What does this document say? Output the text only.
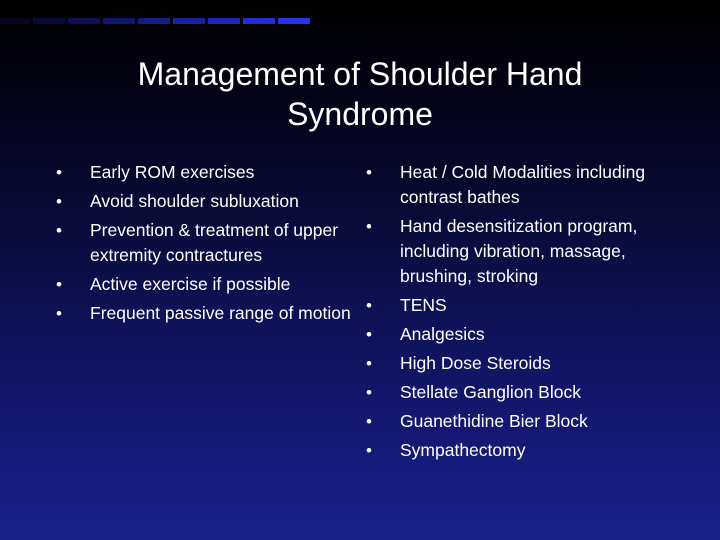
Management of Shoulder Hand
Syndrome
• Early ROM exercises
• Avoid shoulder subluxation
• Prevention & treatment of upper extremity contractures
• Active exercise if possible
• Frequent passive range of motion
• Heat / Cold Modalities including contrast bathes
• Hand desensitization program, including vibration, massage, brushing, stroking
• TENS
• Analgesics
• High Dose Steroids
• Stellate Ganglion Block
• Guanethidine Bier Block
• Sympathectomy
